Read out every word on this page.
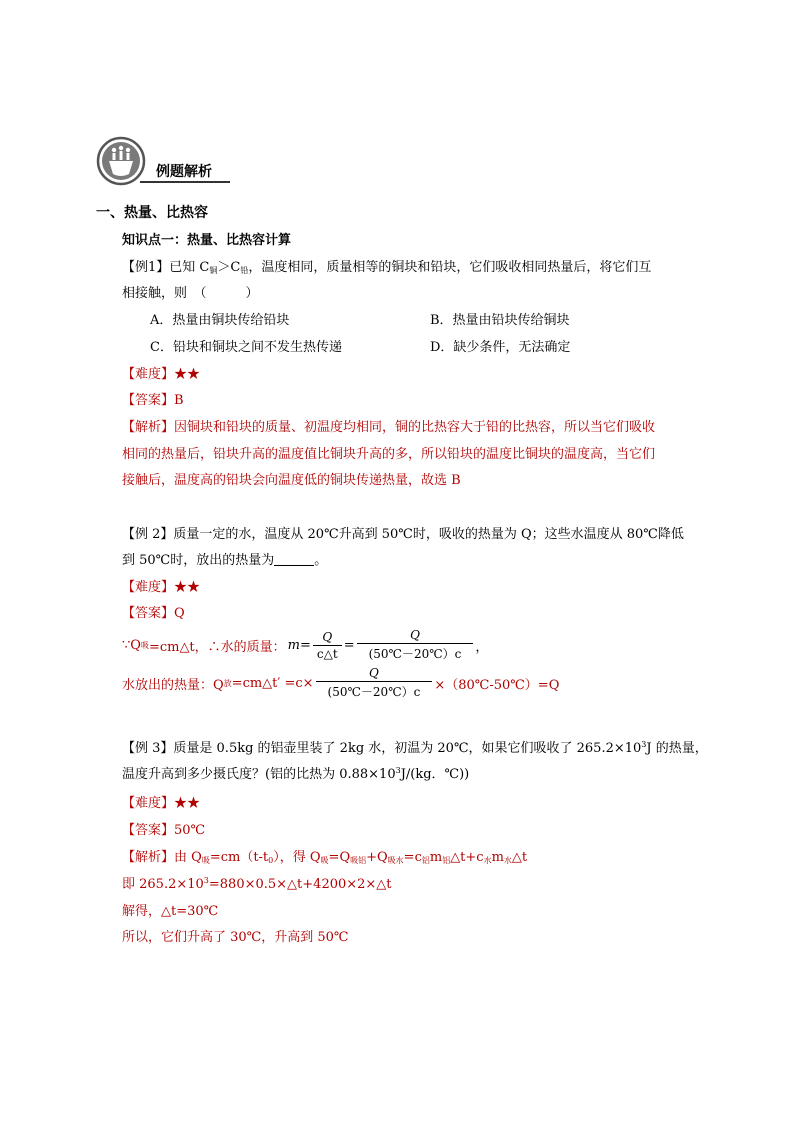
例题解析
一、热量、比热容
知识点一：热量、比热容计算
【例1】已知 $C_铜>C_铅$，温度相同，质量相等的铜块和铅块，它们吸收相同热量后，将它们互
相接触，则　（　　　）
A．热量由铜块传给铅块	B．热量由铅块传给铜块
C．铅块和铜块之间不发生热传递	D．缺少条件，无法确定
【难度】★★
【答案】B
【解析】因铜块和铅块的质量、初温度均相同，铜的比热容大于铅的比热容，所以当它们吸收
相同的热量后，铅块升高的温度值比铜块升高的多，所以铅块的温度比铜块的温度高，当它们
接触后，温度高的铅块会向温度低的铜块传递热量，故选 B
【例 2】质量一定的水，温度从 20℃升高到 50℃时，吸收的热量为 Q；这些水温度从 80℃降低
到 50℃时，放出的热量为	。
【难度】★★
【答案】Q
∵Q 吸 =cm△t，∴水的质量： $m = \frac{Q}{c\triangle t} = \frac{Q}{(50℃-20℃)c}$ ，
水放出的热量：Q 放 =cm△t′ $=c\times \frac{Q}{(50℃-20℃)c}$ ×（80℃-50℃）=Q
【例 3】质量是 0.5kg 的铝壶里装了 2kg 水，初温为 20℃，如果它们吸收了 $265.2\times 10^3J$ 的热量，
温度升高到多少摄氏度？(铝的比热为 $0.88\times 10^3J/(kg$．℃))
【难度】★★
【答案】50℃
【解析】由 $Q_吸=cm(t-t_0)$，得 $Q_吸=Q_{吸铝}+Q_{吸水}=c_铝m_铝\triangle t+c_水m_水\triangle t$
即 $265.2\times 10^3=880\times 0.5\times\triangle t+4200\times 2\times\triangle t$
解得，△t=30℃
所以，它们升高了 30℃，升高到 50℃
